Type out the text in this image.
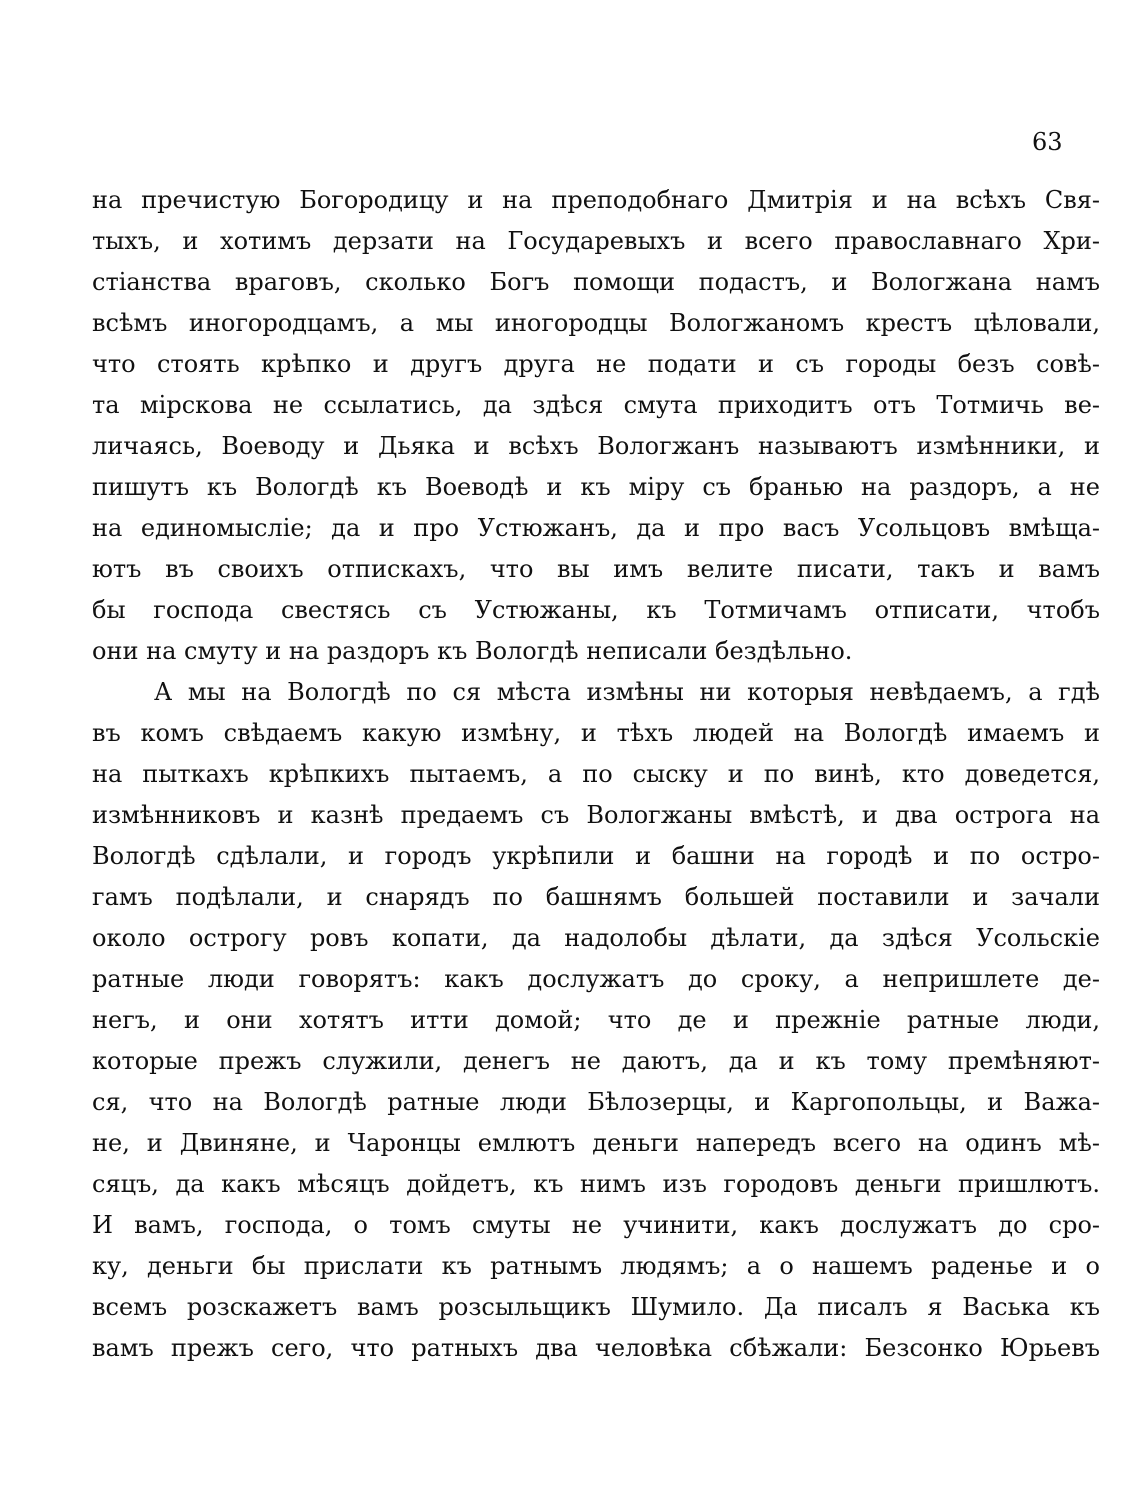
63
на пречистую Богородицу и на преподобнаго Дмитрія и на всѣхъ Свя-
тыхъ, и хотимъ дерзати на Государевыхъ и всего православнаго Хри-
стіанства враговъ, сколько Богъ помощи подастъ, и Вологжана намъ
всѣмъ иногородцамъ, а мы иногородцы Вологжаномъ крестъ цѣловали,
что стоять крѣпко и другъ друга не подати и съ городы безъ совѣ-
та мірскова не ссылатись, да здѣся смута приходитъ отъ Тотмичь ве-
личаясь, Воеводу и Дьяка и всѣхъ Вологжанъ называютъ измѣнники, и
пишутъ къ Вологдѣ къ Воеводѣ и къ міру съ бранью на раздоръ, а не
на единомысліе; да и про Устюжанъ, да и про васъ Усольцовъ вмѣща-
ютъ въ своихъ отпискахъ, что вы имъ велите писати, такъ и вамъ
бы господа свестясь съ Устюжаны, къ Тотмичамъ отписати, чтобъ
они на смуту и на раздоръ къ Вологдѣ неписали бездѣльно.
А мы на Вологдѣ по ся мѣста измѣны ни которыя невѣдаемъ, а гдѣ
въ комъ свѣдаемъ какую измѣну, и тѣхъ людей на Вологдѣ имаемъ и
на пыткахъ крѣпкихъ пытаемъ, а по сыску и по винѣ, кто доведется,
измѣнниковъ и казнѣ предаемъ съ Вологжаны вмѣстѣ, и два острога на
Вологдѣ сдѣлали, и городъ укрѣпили и башни на городѣ и по остро-
гамъ подѣлали, и снарядъ по башнямъ большей поставили и зачали
около острогу ровъ копати, да надолобы дѣлати, да здѣся Усольскіе
ратные люди говорятъ: какъ дослужатъ до сроку, а непришлете де-
негъ, и они хотятъ итти домой; что де и прежніе ратные люди,
которые прежъ служили, денегъ не даютъ, да и къ тому премѣняют-
ся, что на Вологдѣ ратные люди Бѣлозерцы, и Каргопольцы, и Важа-
не, и Двиняне, и Чаронцы емлютъ деньги напередъ всего на одинъ мѣ-
сяцъ, да какъ мѣсяцъ дойдетъ, къ нимъ изъ городовъ деньги пришлютъ.
И вамъ, господа, о томъ смуты не учинити, какъ дослужатъ до сро-
ку, деньги бы прислати къ ратнымъ людямъ; а о нашемъ раденье и о
всемъ розскажетъ вамъ розсыльщикъ Шумило. Да писалъ я Васька къ
вамъ прежъ сего, что ратныхъ два человѣка сбѣжали: Безсонко Юрьевъ
